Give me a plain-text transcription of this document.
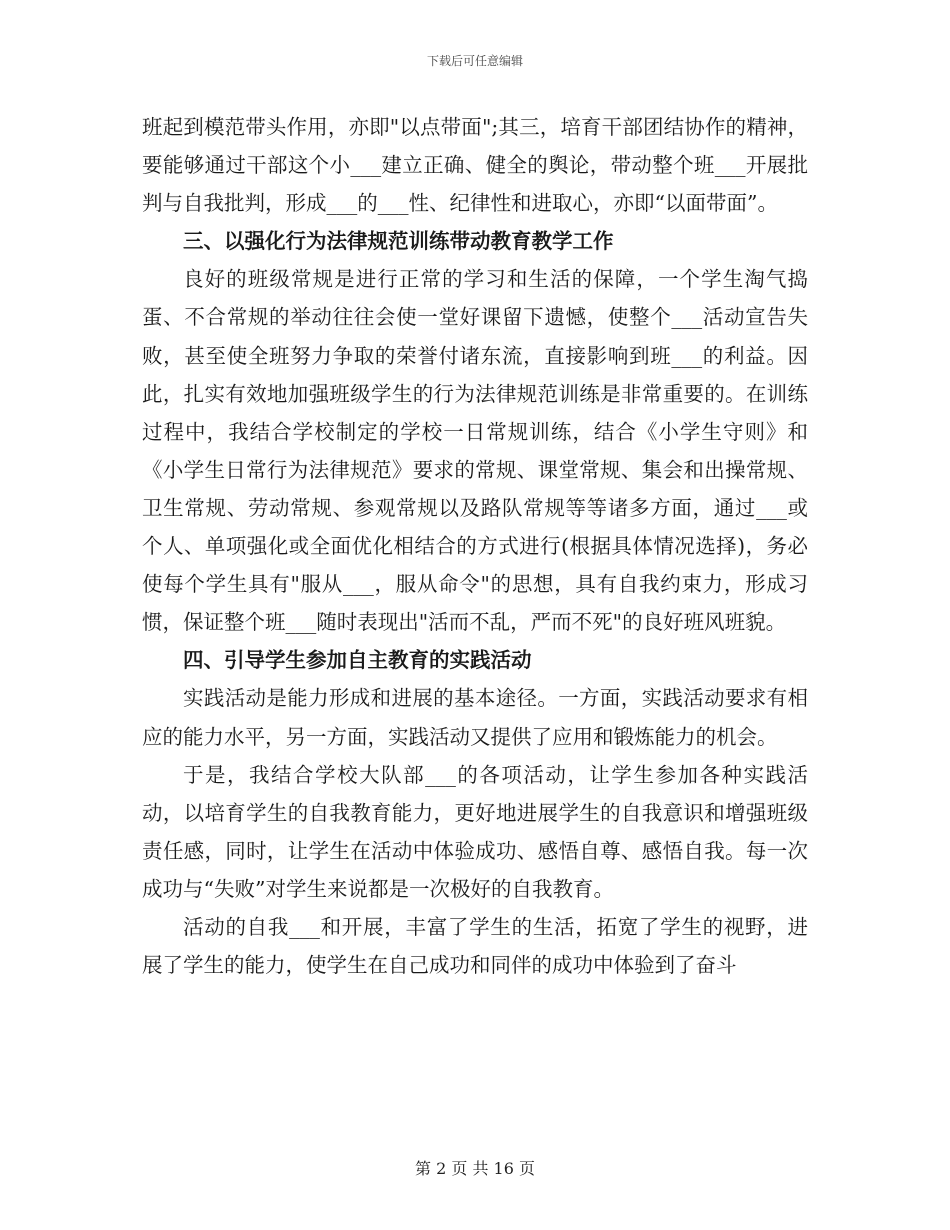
下载后可任意编辑

班起到模范带头作用，亦即"以点带面";其三，培育干部团结协作的精神，要能够通过干部这个小___建立正确、健全的舆论，带动整个班___开展批判与自我批判，形成___的___性、纪律性和进取心，亦即“以面带面”。

三、以强化行为法律规范训练带动教育教学工作

良好的班级常规是进行正常的学习和生活的保障，一个学生淘气捣蛋、不合常规的举动往往会使一堂好课留下遗憾，使整个___活动宣告失败，甚至使全班努力争取的荣誉付诸东流，直接影响到班___的利益。因此，扎实有效地加强班级学生的行为法律规范训练是非常重要的。在训练过程中，我结合学校制定的学校一日常规训练，结合《小学生守则》和《小学生日常行为法律规范》要求的常规、课堂常规、集会和出操常规、卫生常规、劳动常规、参观常规以及路队常规等等诸多方面，通过___或个人、单项强化或全面优化相结合的方式进行(根据具体情况选择)，务必使每个学生具有"服从___，服从命令"的思想，具有自我约束力，形成习惯，保证整个班___随时表现出"活而不乱，严而不死"的良好班风班貌。

四、引导学生参加自主教育的实践活动

实践活动是能力形成和进展的基本途径。一方面，实践活动要求有相应的能力水平，另一方面，实践活动又提供了应用和锻炼能力的机会。

于是，我结合学校大队部___的各项活动，让学生参加各种实践活动，以培育学生的自我教育能力，更好地进展学生的自我意识和增强班级责任感，同时，让学生在活动中体验成功、感悟自尊、感悟自我。每一次成功与“失败”对学生来说都是一次极好的自我教育。

活动的自我___和开展，丰富了学生的生活，拓宽了学生的视野，进展了学生的能力，使学生在自己成功和同伴的成功中体验到了奋斗

第 2 页 共 16 页
